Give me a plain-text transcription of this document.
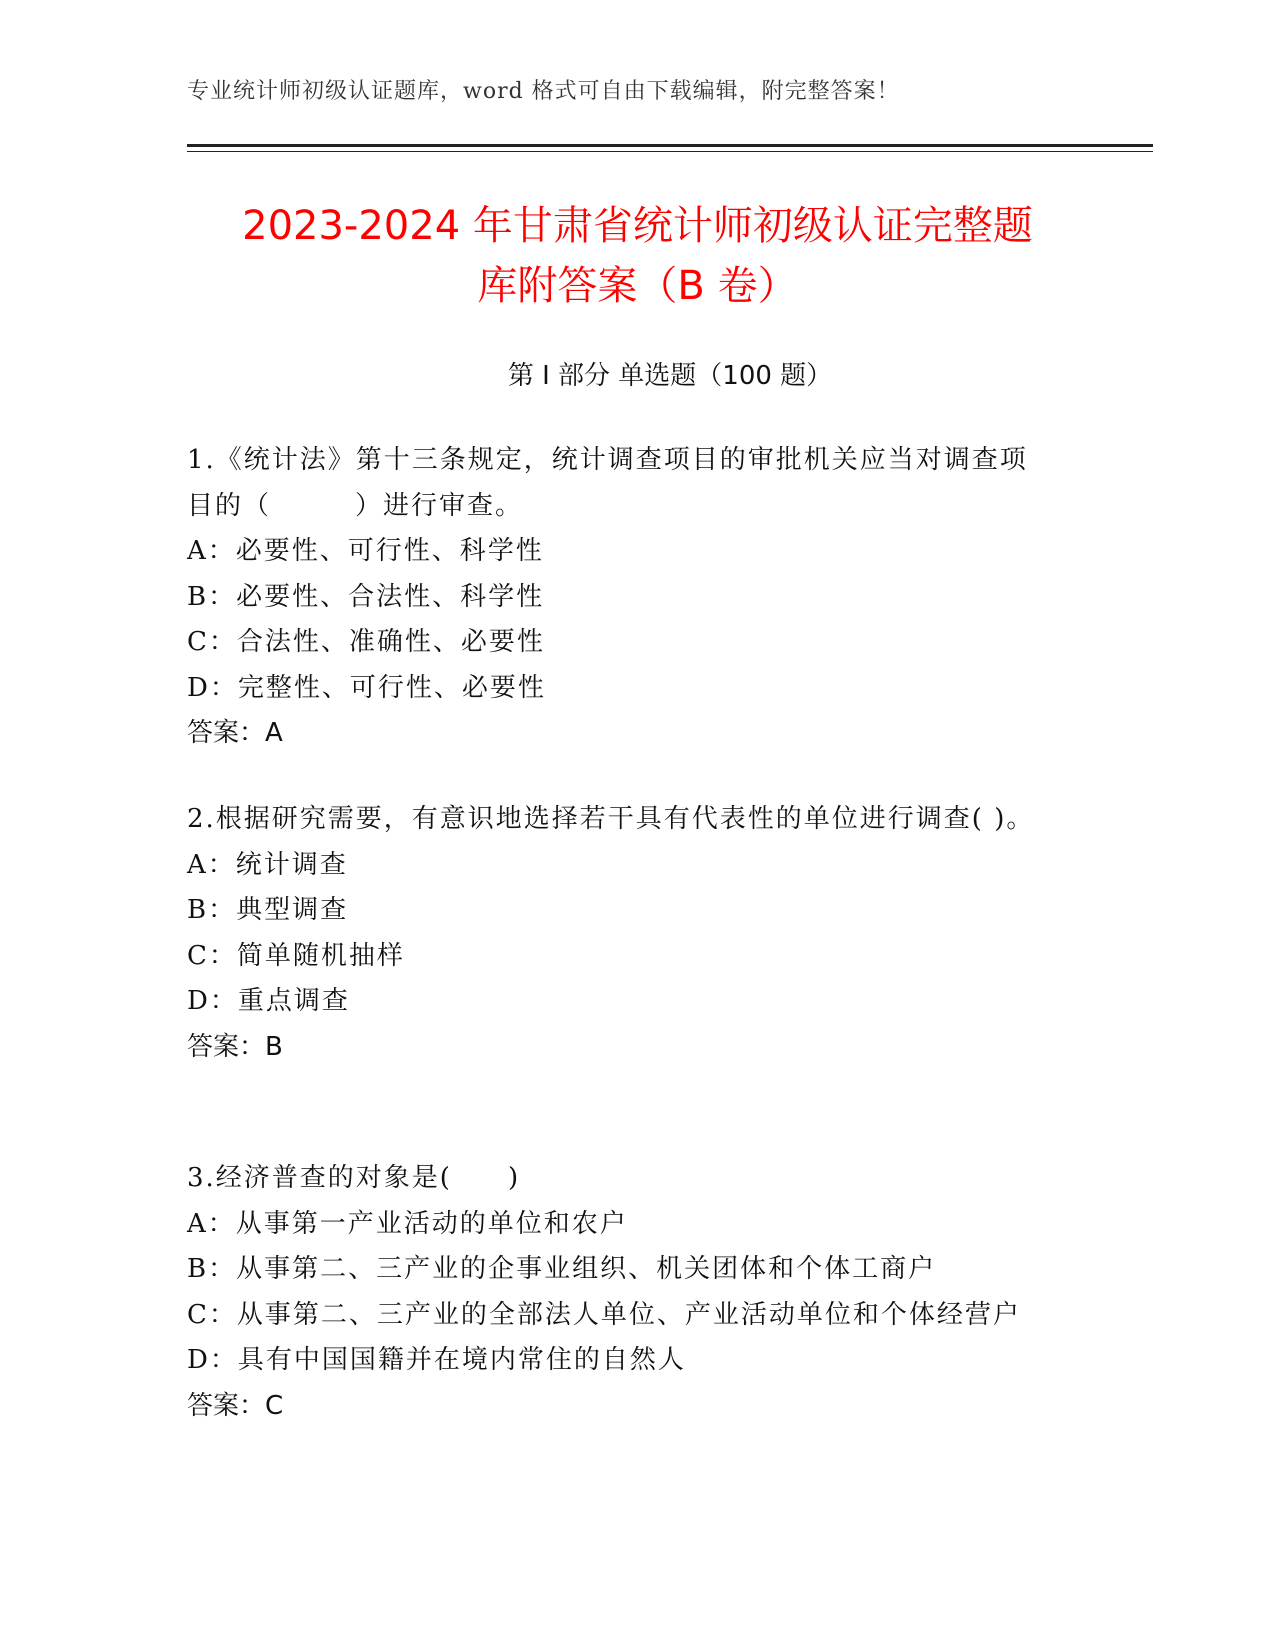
专业统计师初级认证题库，word 格式可自由下载编辑，附完整答案！
2023-2024 年甘肃省统计师初级认证完整题
库附答案（B 卷）
第 I 部分 单选题（100 题）

1.《统计法》第十三条规定，统计调查项目的审批机关应当对调查项目的（　　　）进行审查。

A：必要性、可行性、科学性
B：必要性、合法性、科学性
C：合法性、准确性、必要性
D：完整性、可行性、必要性
答案：A

2.根据研究需要，有意识地选择若干具有代表性的单位进行调查( )。

A：统计调查
B：典型调查
C：简单随机抽样
D：重点调查
答案：B

3.经济普查的对象是(　　)

A：从事第一产业活动的单位和农户
B：从事第二、三产业的企事业组织、机关团体和个体工商户
C：从事第二、三产业的全部法人单位、产业活动单位和个体经营户
D：具有中国国籍并在境内常住的自然人
答案：C
